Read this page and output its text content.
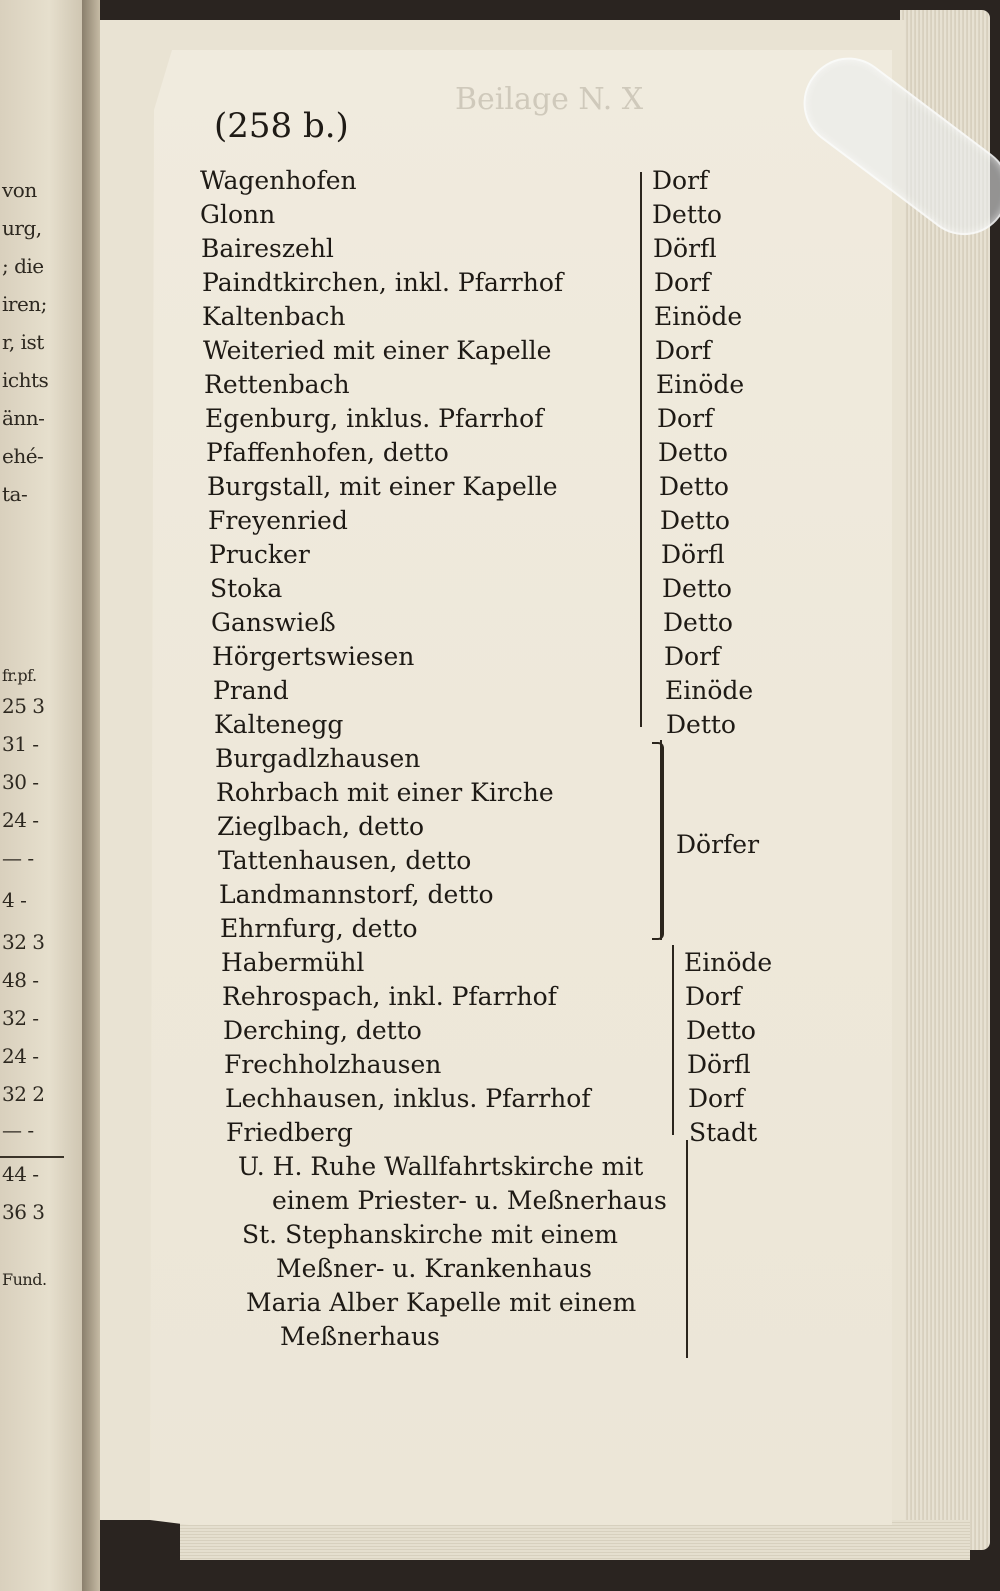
von
urg,
; die
iren;
r, ist
ichts
änn-
ehé-
ta-
fr.pf.
25 3
31 -
30 -
24 -
— -
4 -
32 3
48 -
32 -
24 -
32 2
— -
44 -
36 3
Fund.
Beilage N. X
(258 b.)
Wagenhofen	Dorf
Glonn	Detto
Baireszehl	Dörfl
Paindtkirchen, inkl. Pfarrhof	Dorf
Kaltenbach	Einöde
Weiteried mit einer Kapelle	Dorf
Rettenbach	Einöde
Egenburg, inklus. Pfarrhof	Dorf
Pfaffenhofen, detto	Detto
Burgstall, mit einer Kapelle	Detto
Freyenried	Detto
Prucker	Dörfl
Stoka	Detto
Ganswieß	Detto
Hörgertswiesen	Dorf
Prand	Einöde
Kaltenegg	Detto
Burgadlzhausen
Rohrbach mit einer Kirche
Zieglbach, detto
Tattenhausen, detto
Landmannstorf, detto
Ehrnfurg, detto
Dörfer
Habermühl	Einöde
Rehrospach, inkl. Pfarrhof	Dorf
Derching, detto	Detto
Frechholzhausen	Dörfl
Lechhausen, inklus. Pfarrhof	Dorf
Friedberg	Stadt
U. H. Ruhe Wallfahrtskirche mit
einem Priester- u. Meßnerhaus
St. Stephanskirche mit einem
Meßner- u. Krankenhaus
Maria Alber Kapelle mit einem
Meßnerhaus
